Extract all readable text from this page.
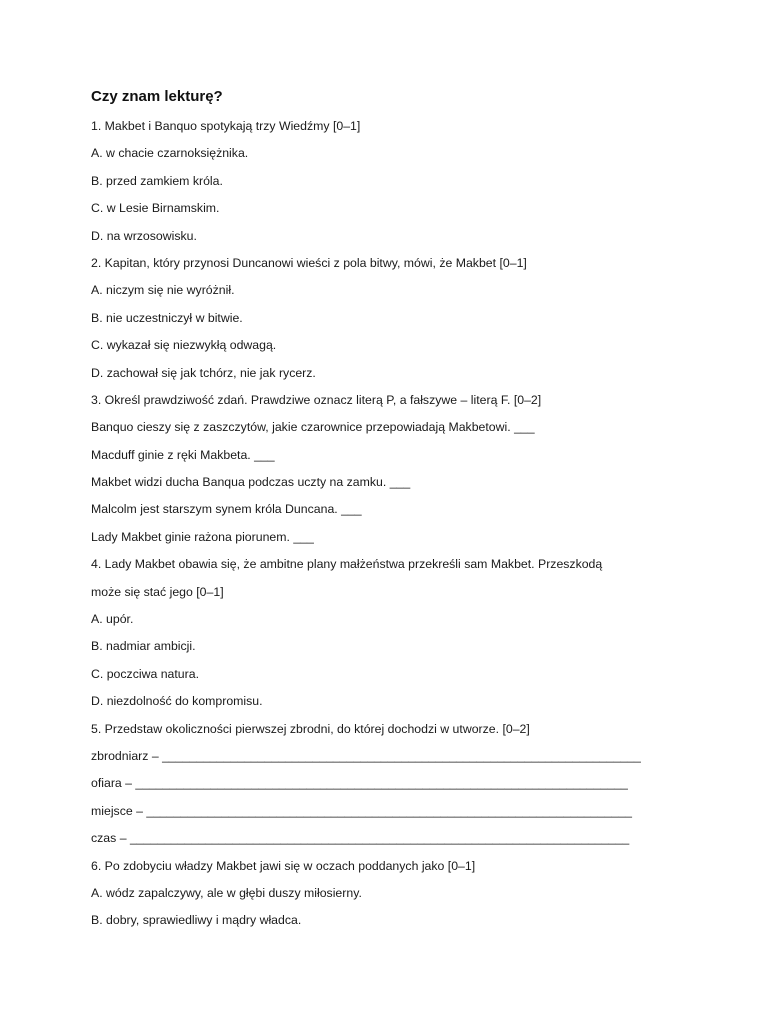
Czy znam lekturę?
1. Makbet i Banquo spotykają trzy Wiedźmy [0–1]
A. w chacie czarnoksiężnika.
B. przed zamkiem króla.
C. w Lesie Birnamskim.
D. na wrzosowisku.
2. Kapitan, który przynosi Duncanowi wieści z pola bitwy, mówi, że Makbet [0–1]
A. niczym się nie wyróżnił.
B. nie uczestniczył w bitwie.
C. wykazał się niezwykłą odwagą.
D. zachował się jak tchórz, nie jak rycerz.
3. Określ prawdziwość zdań. Prawdziwe oznacz literą P, a fałszywe – literą F. [0–2]
Banquo cieszy się z zaszczytów, jakie czarownice przepowiadają Makbetowi. ___
Macduff ginie z ręki Makbeta. ___
Makbet widzi ducha Banqua podczas uczty na zamku. ___
Malcolm jest starszym synem króla Duncana. ___
Lady Makbet ginie rażona piorunem. ___
4. Lady Makbet obawia się, że ambitne plany małżeństwa przekreśli sam Makbet. Przeszkodą
może się stać jego [0–1]
A. upór.
B. nadmiar ambicji.
C. poczciwa natura.
D. niezdolność do kompromisu.
5. Przedstaw okoliczności pierwszej zbrodni, do której dochodzi w utworze. [0–2]
zbrodniarz – ______________________________________________________________________
ofiara – ________________________________________________________________________
miejsce – _______________________________________________________________________
czas – _________________________________________________________________________
6. Po zdobyciu władzy Makbet jawi się w oczach poddanych jako [0–1]
A. wódz zapalczywy, ale w głębi duszy miłosierny.
B. dobry, sprawiedliwy i mądry władca.
